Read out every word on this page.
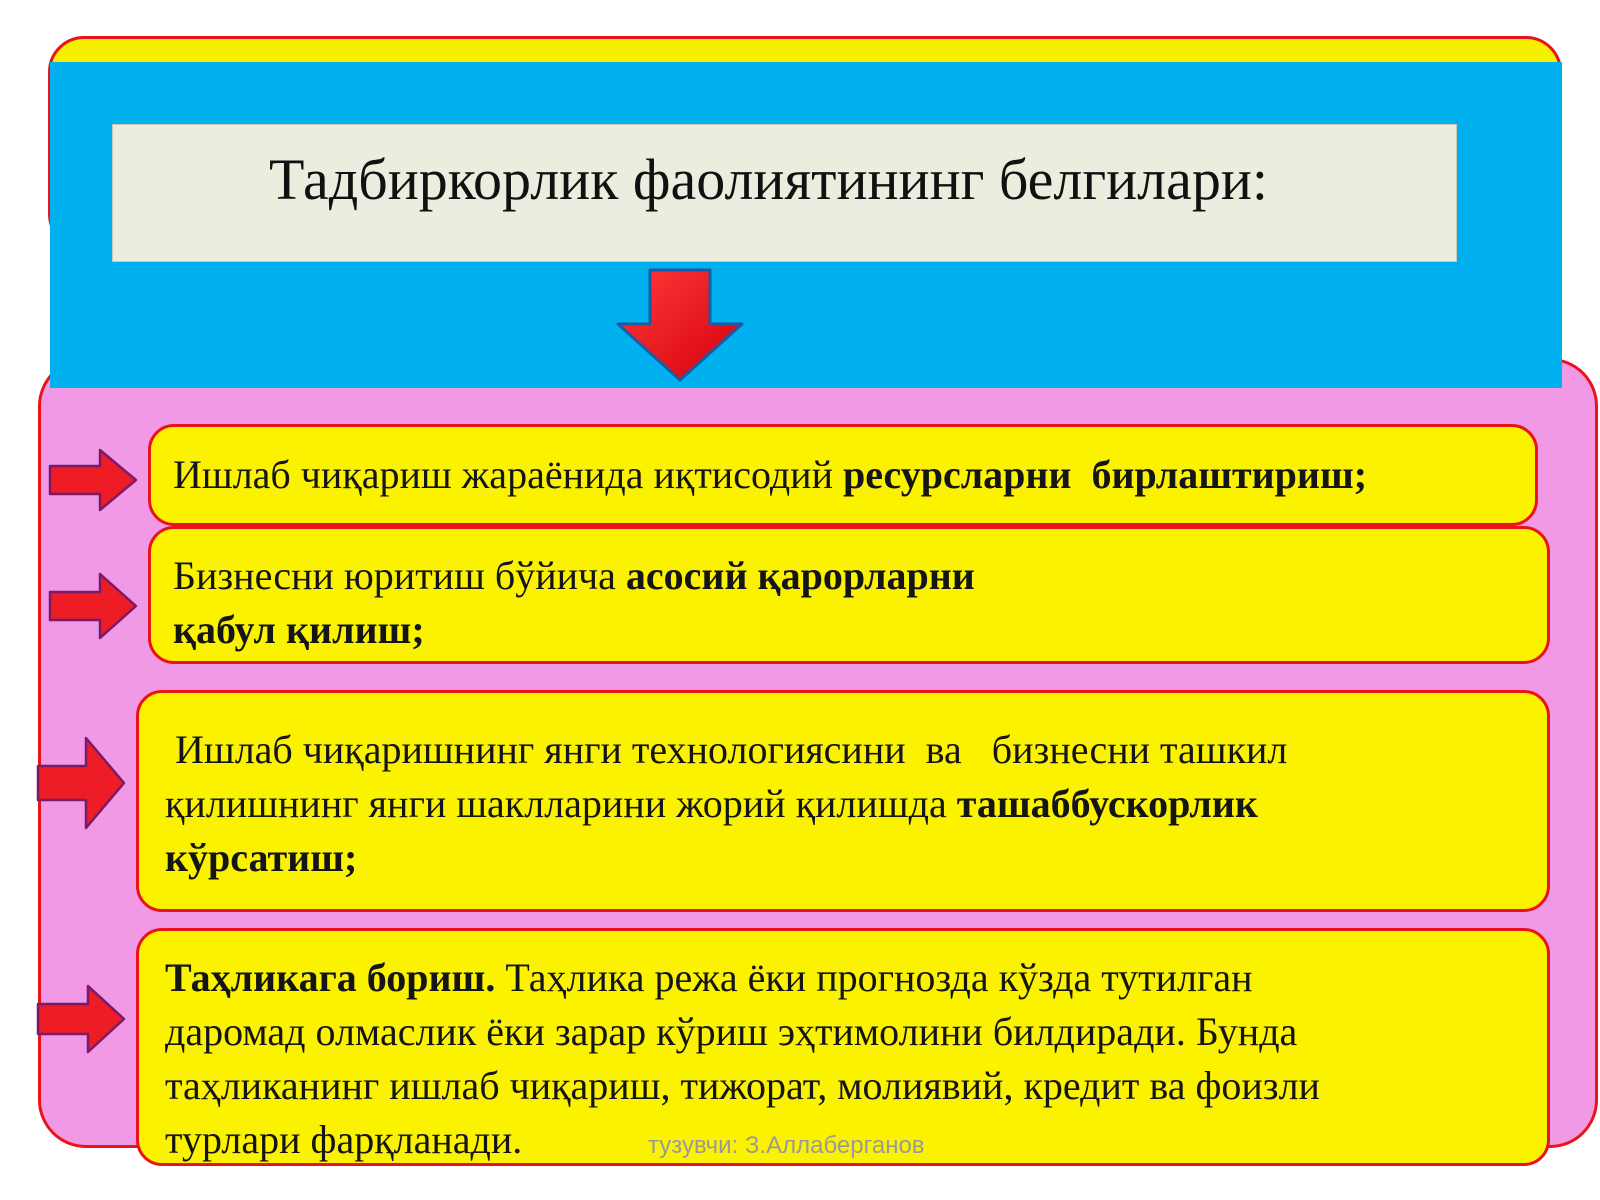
Тадбиркорлик фаолиятининг белгилари:
Ишлаб чиқариш жараёнида иқтисодий ресурсларни  бирлаштириш;
Бизнесни юритиш бўйича асосий қарорларни
қабул қилиш;
Ишлаб чиқаришнинг янги технологиясини  ва   бизнесни ташкил
қилишнинг янги шаклларини жорий қилишда ташаббускорлик
кўрсатиш;
Таҳликага бориш. Таҳлика режа ёки прогнозда кўзда тутилган
даромад олмаслик ёки зарар кўриш эҳтимолини билдиради. Бунда
таҳликанинг ишлаб чиқариш, тижорат, молиявий, кредит ва фоизли
турлари фарқланади.	тузувчи: З.Аллаберганов
